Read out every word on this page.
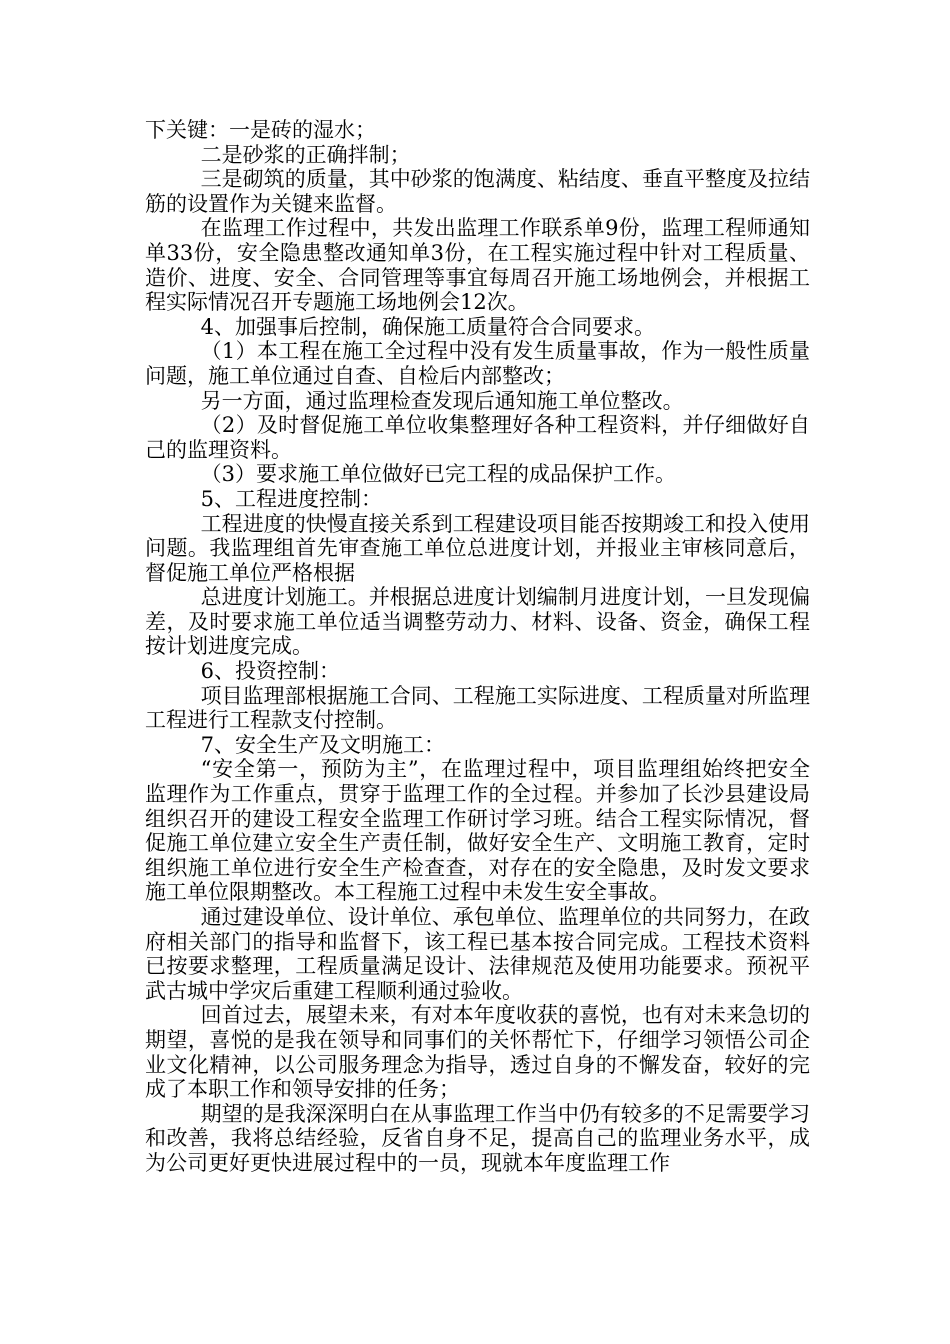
下关键：一是砖的湿水；

二是砂浆的正确拌制；

三是砌筑的质量，其中砂浆的饱满度、粘结度、垂直平整度及拉结筋的设置作为关键来监督。

在监理工作过程中，共发出监理工作联系单9份，监理工程师通知单33份，安全隐患整改通知单3份，在工程实施过程中针对工程质量、造价、进度、安全、合同管理等事宜每周召开施工场地例会，并根据工程实际情况召开专题施工场地例会12次。

4、加强事后控制，确保施工质量符合合同要求。

（1）本工程在施工全过程中没有发生质量事故，作为一般性质量问题，施工单位通过自查、自检后内部整改；

另一方面，通过监理检查发现后通知施工单位整改。

（2）及时督促施工单位收集整理好各种工程资料，并仔细做好自己的监理资料。

（3）要求施工单位做好已完工程的成品保护工作。

5、工程进度控制：

工程进度的快慢直接关系到工程建设项目能否按期竣工和投入使用问题。我监理组首先审查施工单位总进度计划，并报业主审核同意后，督促施工单位严格根据

总进度计划施工。并根据总进度计划编制月进度计划，一旦发现偏差，及时要求施工单位适当调整劳动力、材料、设备、资金，确保工程按计划进度完成。

6、投资控制：

项目监理部根据施工合同、工程施工实际进度、工程质量对所监理工程进行工程款支付控制。

7、安全生产及文明施工：

“安全第一，预防为主”，在监理过程中，项目监理组始终把安全监理作为工作重点，贯穿于监理工作的全过程。并参加了长沙县建设局组织召开的建设工程安全监理工作研讨学习班。结合工程实际情况，督促施工单位建立安全生产责任制，做好安全生产、文明施工教育，定时组织施工单位进行安全生产检查查，对存在的安全隐患，及时发文要求施工单位限期整改。本工程施工过程中未发生安全事故。

通过建设单位、设计单位、承包单位、监理单位的共同努力，在政府相关部门的指导和监督下，该工程已基本按合同完成。工程技术资料已按要求整理，工程质量满足设计、法律规范及使用功能要求。预祝平武古城中学灾后重建工程顺利通过验收。

回首过去，展望未来，有对本年度收获的喜悦，也有对未来急切的期望，喜悦的是我在领导和同事们的关怀帮忙下，仔细学习领悟公司企业文化精神，以公司服务理念为指导，透过自身的不懈发奋，较好的完成了本职工作和领导安排的任务；

期望的是我深深明白在从事监理工作当中仍有较多的不足需要学习和改善，我将总结经验，反省自身不足，提高自己的监理业务水平，成为公司更好更快进展过程中的一员，现就本年度监理工作
